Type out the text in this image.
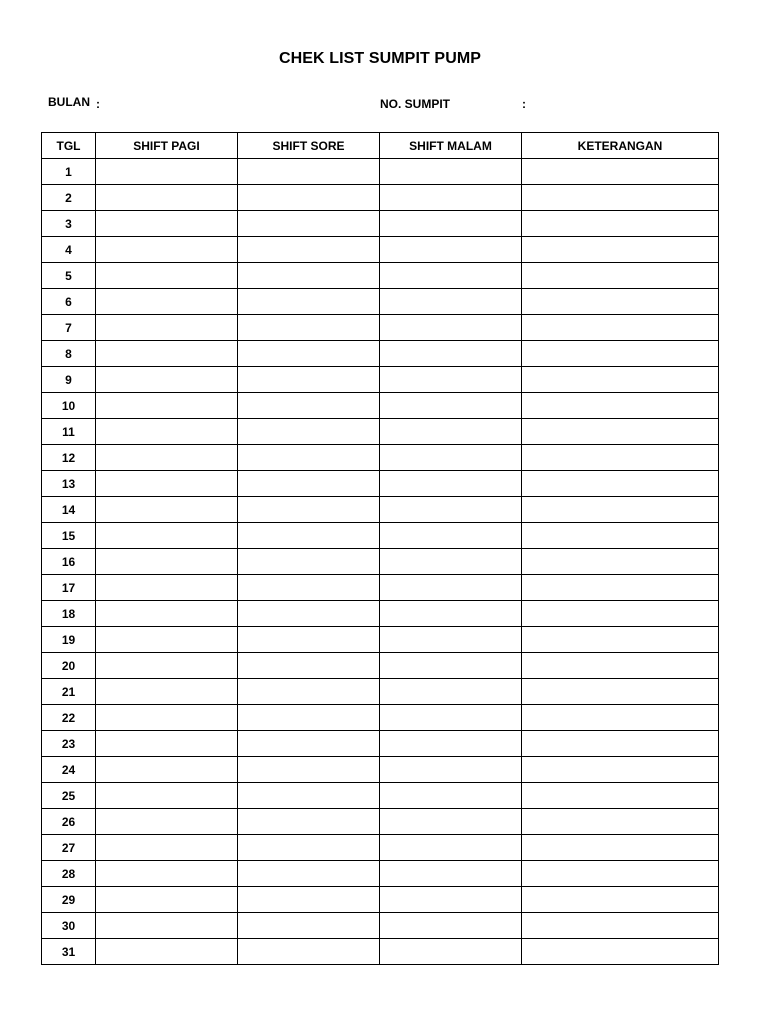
CHEK LIST SUMPIT PUMP
BULAN :	NO. SUMPIT	:
TGL	SHIFT PAGI	SHIFT SORE	SHIFT MALAM	KETERANGAN
1				
2				
3				
4				
5				
6				
7				
8				
9				
10				
11				
12				
13				
14				
15				
16				
17				
18				
19				
20				
21				
22				
23				
24				
25				
26				
27				
28				
29				
30				
31				
